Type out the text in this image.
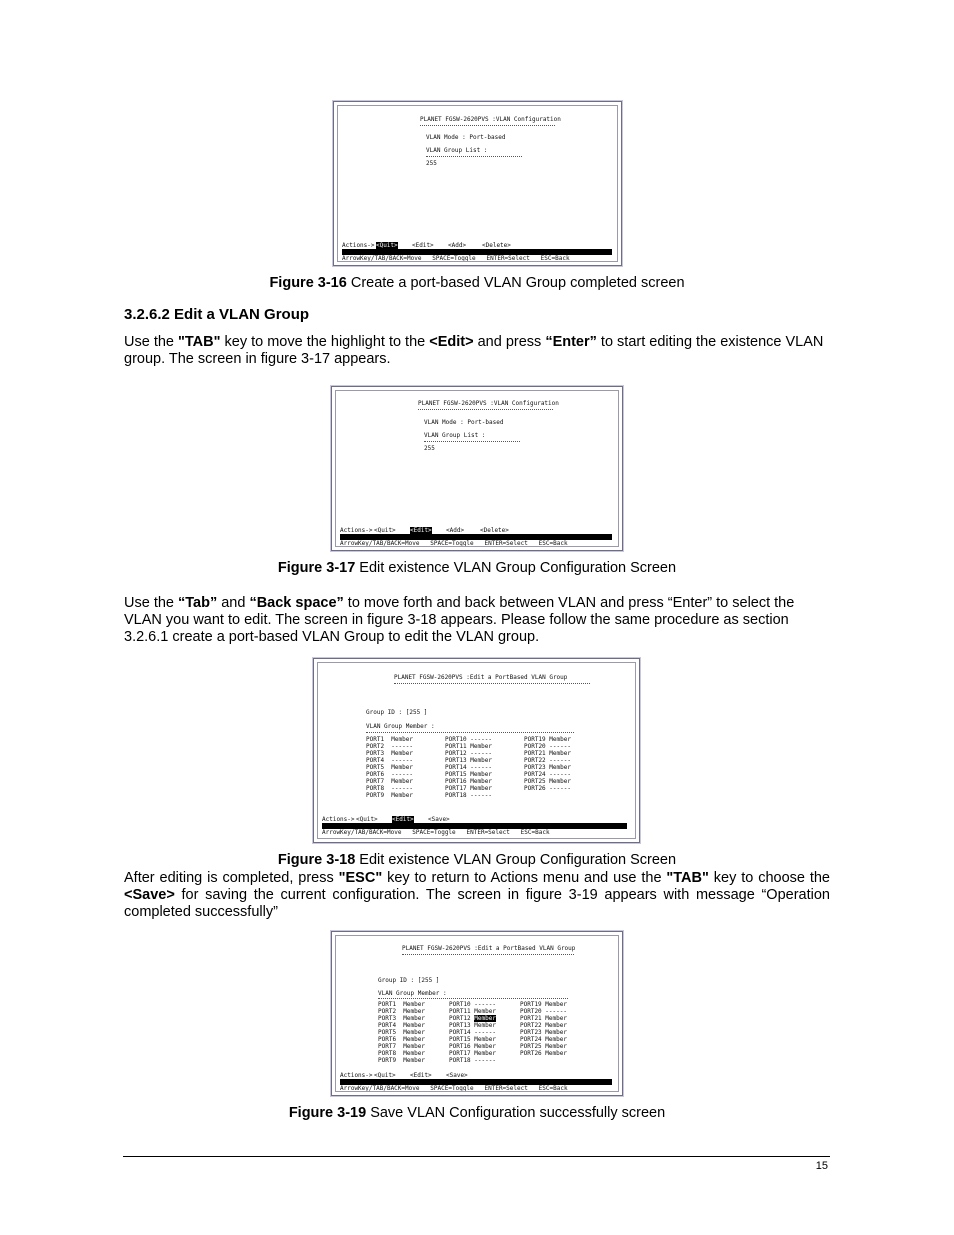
PLANET FGSW-2620PVS :VLAN Configuration
VLAN Mode : Port-based
VLAN Group List :
255
Actions-> <Quit> <Edit> <Add>	<Delete>
ArrowKey/TAB/BACK=Move   SPACE=Toggle   ENTER=Select   ESC=Back
Figure 3-16 Create a port-based VLAN Group completed screen
3.2.6.2 Edit a VLAN Group
Use the "TAB" key to move the highlight to the <Edit> and press “Enter” to start editing the existence VLAN group. The screen in figure 3-17 appears.
PLANET FGSW-2620PVS :VLAN Configuration
VLAN Mode : Port-based
VLAN Group List :
255
Actions-> <Quit> <Edit> <Add>	<Delete>
ArrowKey/TAB/BACK=Move   SPACE=Toggle   ENTER=Select   ESC=Back
Figure 3-17 Edit existence VLAN Group Configuration Screen
Use the “Tab” and “Back space” to move forth and back between VLAN and press “Enter” to select the VLAN you want to edit. The screen in figure 3-18 appears. Please follow the same procedure as section 3.2.6.1 create a port-based VLAN Group to edit the VLAN group.
PLANET FGSW-2620PVS :Edit a PortBased VLAN Group
Group ID : [255 ]
VLAN Group Member :
PORT1  Member
PORT2  ------
PORT3  Member
PORT4  ------
PORT5  Member
PORT6  ------
PORT7  Member
PORT8  ------
PORT9  Member
PORT10 ------
PORT11 Member
PORT12 ------
PORT13 Member
PORT14 ------
PORT15 Member
PORT16 Member
PORT17 Member
PORT18 ------
PORT19 Member
PORT20 ------
PORT21 Member
PORT22 ------
PORT23 Member
PORT24 ------
PORT25 Member
PORT26 ------
Actions-> <Quit> <Edit> <Save>
ArrowKey/TAB/BACK=Move   SPACE=Toggle   ENTER=Select   ESC=Back
Figure 3-18 Edit existence VLAN Group Configuration Screen
After editing is completed, press "ESC" key to return to Actions menu and use the "TAB" key to choose the <Save> for saving the current configuration. The screen in figure 3-19 appears with message “Operation completed successfully”
PLANET FGSW-2620PVS :Edit a PortBased VLAN Group
Group ID : [255 ]
VLAN Group Member :
PORT1  Member
PORT2  Member
PORT3  Member
PORT4  Member
PORT5  Member
PORT6  Member
PORT7  Member
PORT8  Member
PORT9  Member
PORT10 ------
PORT11 Member
PORT12 Member
PORT13 Member
PORT14 ------
PORT15 Member
PORT16 Member
PORT17 Member
PORT18 ------
PORT19 Member
PORT20 ------
PORT21 Member
PORT22 Member
PORT23 Member
PORT24 Member
PORT25 Member
PORT26 Member
Actions-> <Quit> <Edit> <Save>
ArrowKey/TAB/BACK=Move   SPACE=Toggle   ENTER=Select   ESC=Back
Figure 3-19 Save VLAN Configuration successfully screen
15
